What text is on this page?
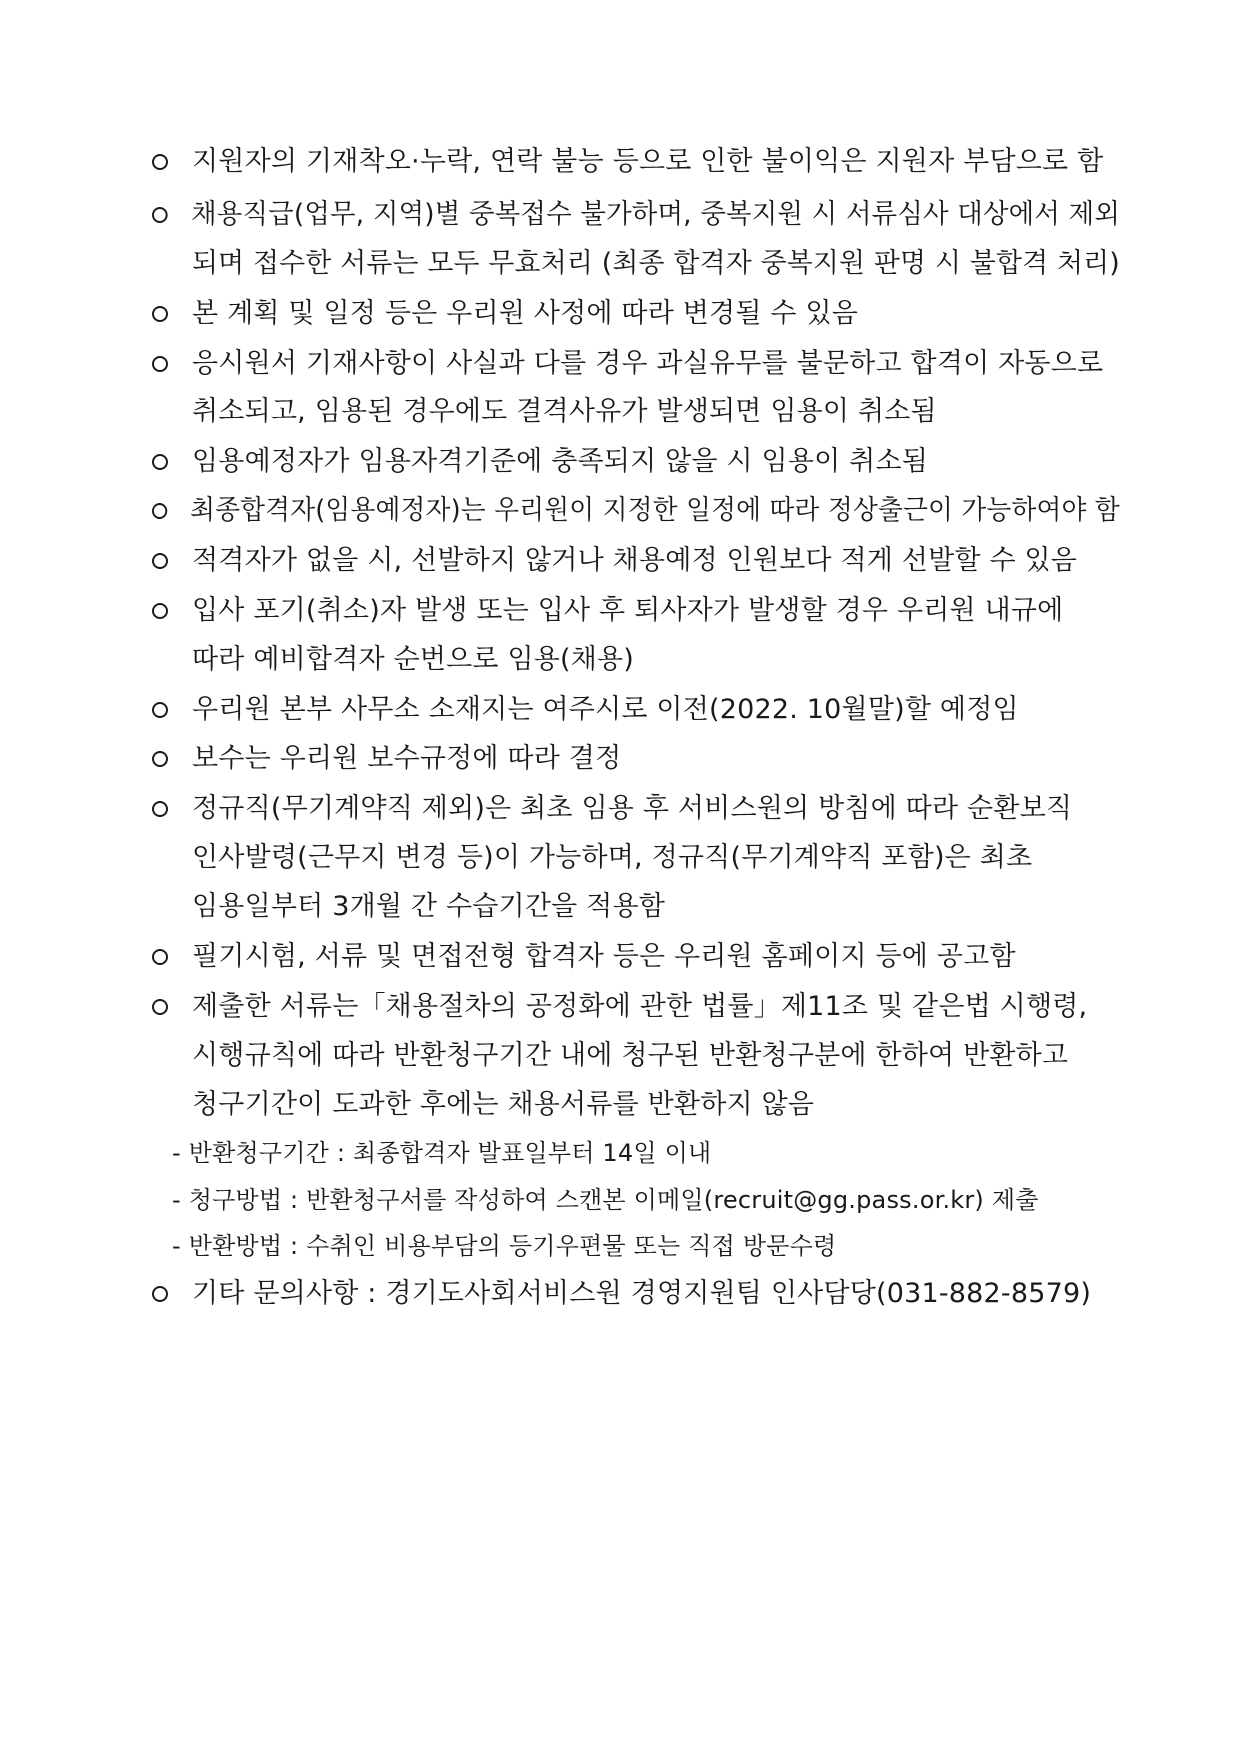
지원자의 기재착오·누락, 연락 불능 등으로 인한 불이익은 지원자 부담으로 함
채용직급(업무, 지역)별 중복접수 불가하며, 중복지원 시 서류심사 대상에서 제외
되며 접수한 서류는 모두 무효처리 (최종 합격자 중복지원 판명 시 불합격 처리)
본 계획 및 일정 등은 우리원 사정에 따라 변경될 수 있음
응시원서 기재사항이 사실과 다를 경우 과실유무를 불문하고 합격이 자동으로
취소되고, 임용된 경우에도 결격사유가 발생되면 임용이 취소됨
임용예정자가 임용자격기준에 충족되지 않을 시 임용이 취소됨
최종합격자(임용예정자)는 우리원이 지정한 일정에 따라 정상출근이 가능하여야 함
적격자가 없을 시, 선발하지 않거나 채용예정 인원보다 적게 선발할 수 있음
입사 포기(취소)자 발생 또는 입사 후 퇴사자가 발생할 경우 우리원 내규에
따라 예비합격자 순번으로 임용(채용)
우리원 본부 사무소 소재지는 여주시로 이전(2022. 10월말)할 예정임
보수는 우리원 보수규정에 따라 결정
정규직(무기계약직 제외)은 최초 임용 후 서비스원의 방침에 따라 순환보직
인사발령(근무지 변경 등)이 가능하며, 정규직(무기계약직 포함)은 최초
임용일부터 3개월 간 수습기간을 적용함
필기시험, 서류 및 면접전형 합격자 등은 우리원 홈페이지 등에 공고함
제출한 서류는「채용절차의 공정화에 관한 법률」제11조 및 같은법 시행령,
시행규칙에 따라 반환청구기간 내에 청구된 반환청구분에 한하여 반환하고
청구기간이 도과한 후에는 채용서류를 반환하지 않음
- 반환청구기간 : 최종합격자 발표일부터 14일 이내
- 청구방법 : 반환청구서를 작성하여 스캔본 이메일(recruit@gg.pass.or.kr) 제출
- 반환방법 : 수취인 비용부담의 등기우편물 또는 직접 방문수령
기타 문의사항 : 경기도사회서비스원 경영지원팀 인사담당(031-882-8579)
